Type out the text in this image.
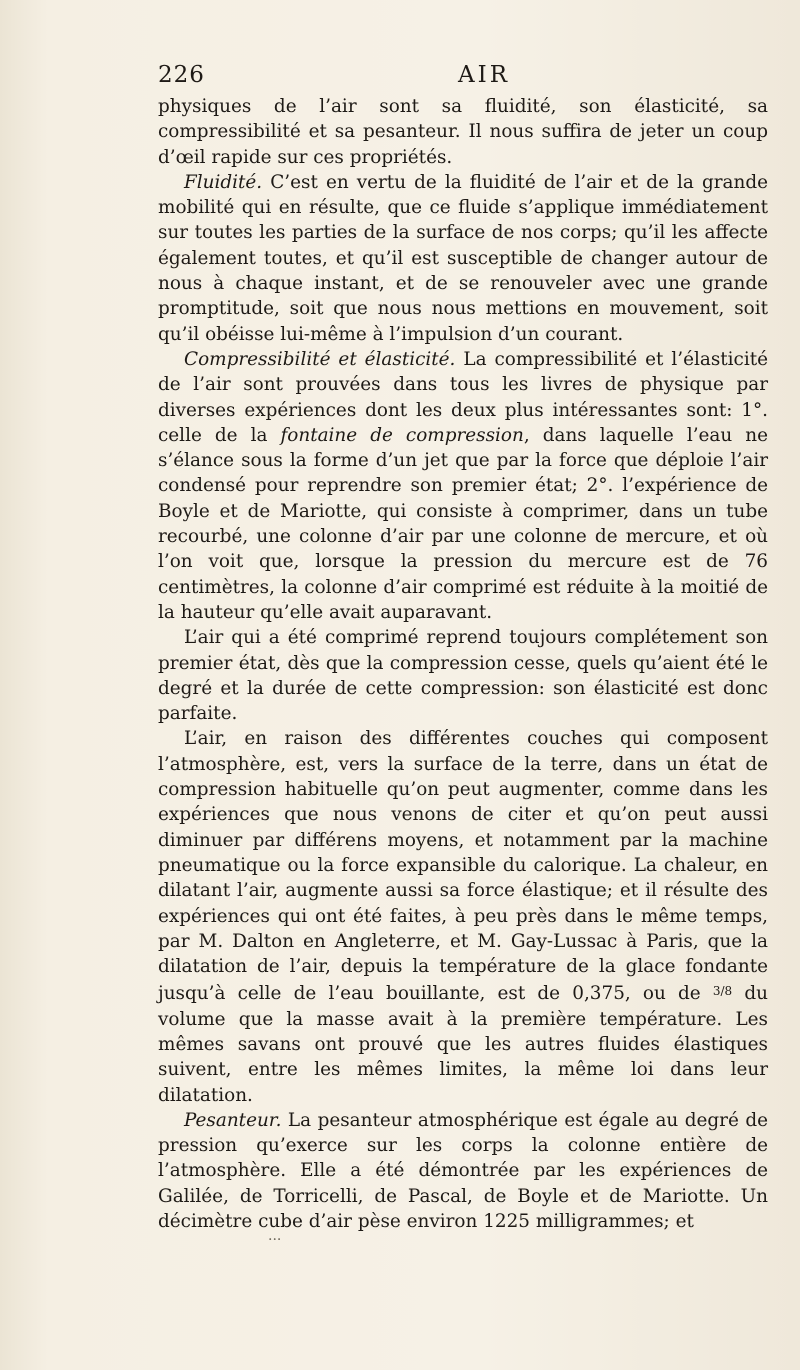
226	AIR

physiques de l’air sont sa fluidité, son élasticité, sa compressibilité et sa pesanteur. Il nous suffira de jeter un coup d’œil rapide sur ces propriétés.

Fluidité. C’est en vertu de la fluidité de l’air et de la grande mobilité qui en résulte, que ce fluide s’applique immédiatement sur toutes les parties de la surface de nos corps; qu’il les affecte également toutes, et qu’il est susceptible de changer autour de nous à chaque instant, et de se renouveler avec une grande promptitude, soit que nous nous mettions en mouvement, soit qu’il obéisse lui-même à l’impulsion d’un courant.

Compressibilité et élasticité. La compressibilité et l’élasticité de l’air sont prouvées dans tous les livres de physique par diverses expériences dont les deux plus intéressantes sont: 1°. celle de la fontaine de compression, dans laquelle l’eau ne s’élance sous la forme d’un jet que par la force que déploie l’air condensé pour reprendre son premier état; 2°. l’expérience de Boyle et de Mariotte, qui consiste à comprimer, dans un tube recourbé, une colonne d’air par une colonne de mercure, et où l’on voit que, lorsque la pression du mercure est de 76 centimètres, la colonne d’air comprimé est réduite à la moitié de la hauteur qu’elle avait auparavant.

L’air qui a été comprimé reprend toujours complétement son premier état, dès que la compression cesse, quels qu’aient été le degré et la durée de cette compression: son élasticité est donc parfaite.

L’air, en raison des différentes couches qui composent l’atmosphère, est, vers la surface de la terre, dans un état de compression habituelle qu’on peut augmenter, comme dans les expériences que nous venons de citer et qu’on peut aussi diminuer par différens moyens, et notamment par la machine pneumatique ou la force expansible du calorique. La chaleur, en dilatant l’air, augmente aussi sa force élastique; et il résulte des expériences qui ont été faites, à peu près dans le même temps, par M. Dalton en Angleterre, et M. Gay-Lussac à Paris, que la dilatation de l’air, depuis la température de la glace fondante jusqu’à celle de l’eau bouillante, est de 0,375, ou de $^{3/8}$ du volume que la masse avait à la première température. Les mêmes savans ont prouvé que les autres fluides élastiques suivent, entre les mêmes limites, la même loi dans leur dilatation.

Pesanteur. La pesanteur atmosphérique est égale au degré de pression qu’exerce sur les corps la colonne entière de l’atmosphère. Elle a été démontrée par les expériences de Galilée, de Torricelli, de Pascal, de Boyle et de Mariotte. Un décimètre cube d’air pèse environ 1225 milligrammes; et

...
